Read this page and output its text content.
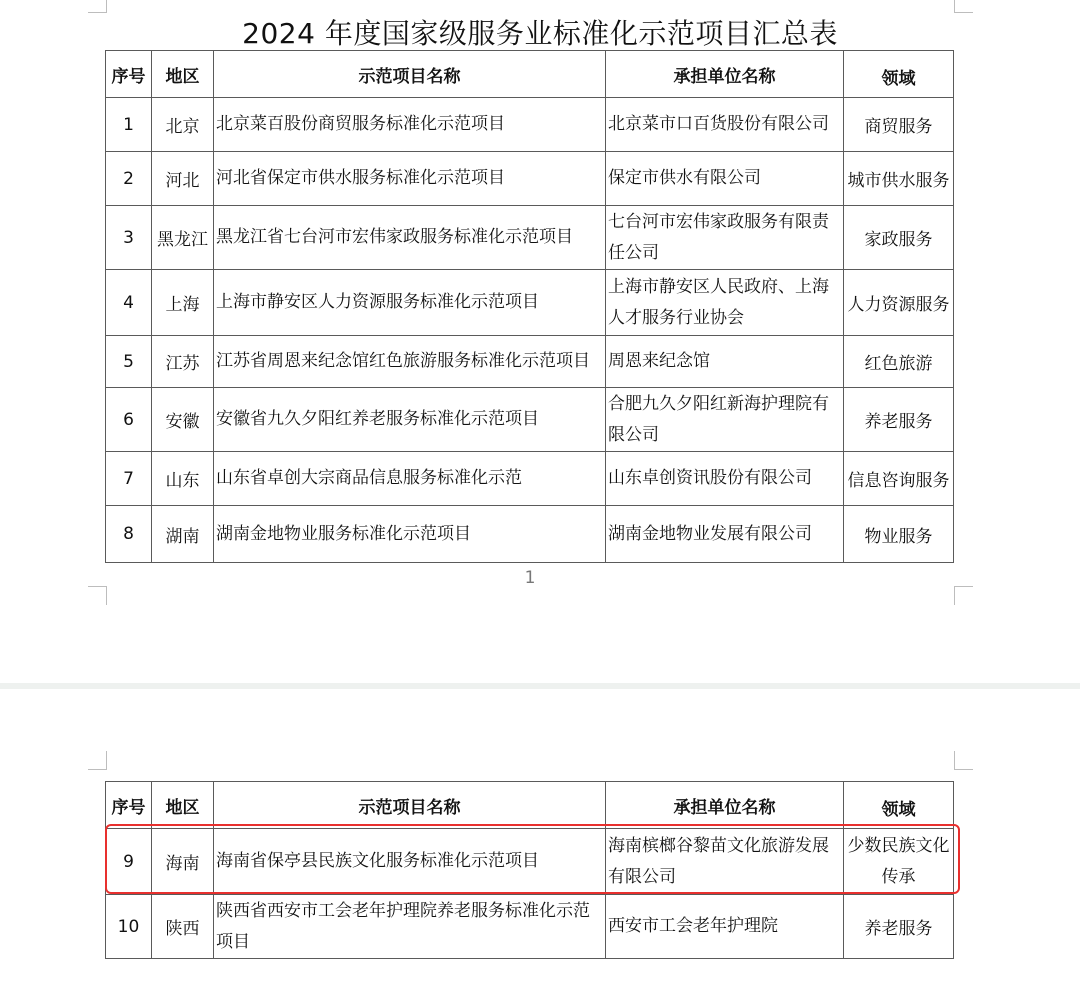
2024 年度国家级服务业标准化示范项目汇总表
序号	地区	示范项目名称	承担单位名称	领域
1	北京	北京菜百股份商贸服务标准化示范项目	北京菜市口百货股份有限公司	商贸服务
2	河北	河北省保定市供水服务标准化示范项目	保定市供水有限公司	城市供水服务
3	黑龙江	黑龙江省七台河市宏伟家政服务标准化示范项目	七台河市宏伟家政服务有限责任公司	家政服务
4	上海	上海市静安区人力资源服务标准化示范项目	上海市静安区人民政府、上海人才服务行业协会	人力资源服务
5	江苏	江苏省周恩来纪念馆红色旅游服务标准化示范项目	周恩来纪念馆	红色旅游
6	安徽	安徽省九久夕阳红养老服务标准化示范项目	合肥九久夕阳红新海护理院有限公司	养老服务
7	山东	山东省卓创大宗商品信息服务标准化示范	山东卓创资讯股份有限公司	信息咨询服务
8	湖南	湖南金地物业服务标准化示范项目	湖南金地物业发展有限公司	物业服务
1
序号	地区	示范项目名称	承担单位名称	领域
9	海南	海南省保亭县民族文化服务标准化示范项目	海南槟榔谷黎苗文化旅游发展有限公司	少数民族文化传承
10	陕西	陕西省西安市工会老年护理院养老服务标准化示范项目	西安市工会老年护理院	养老服务
